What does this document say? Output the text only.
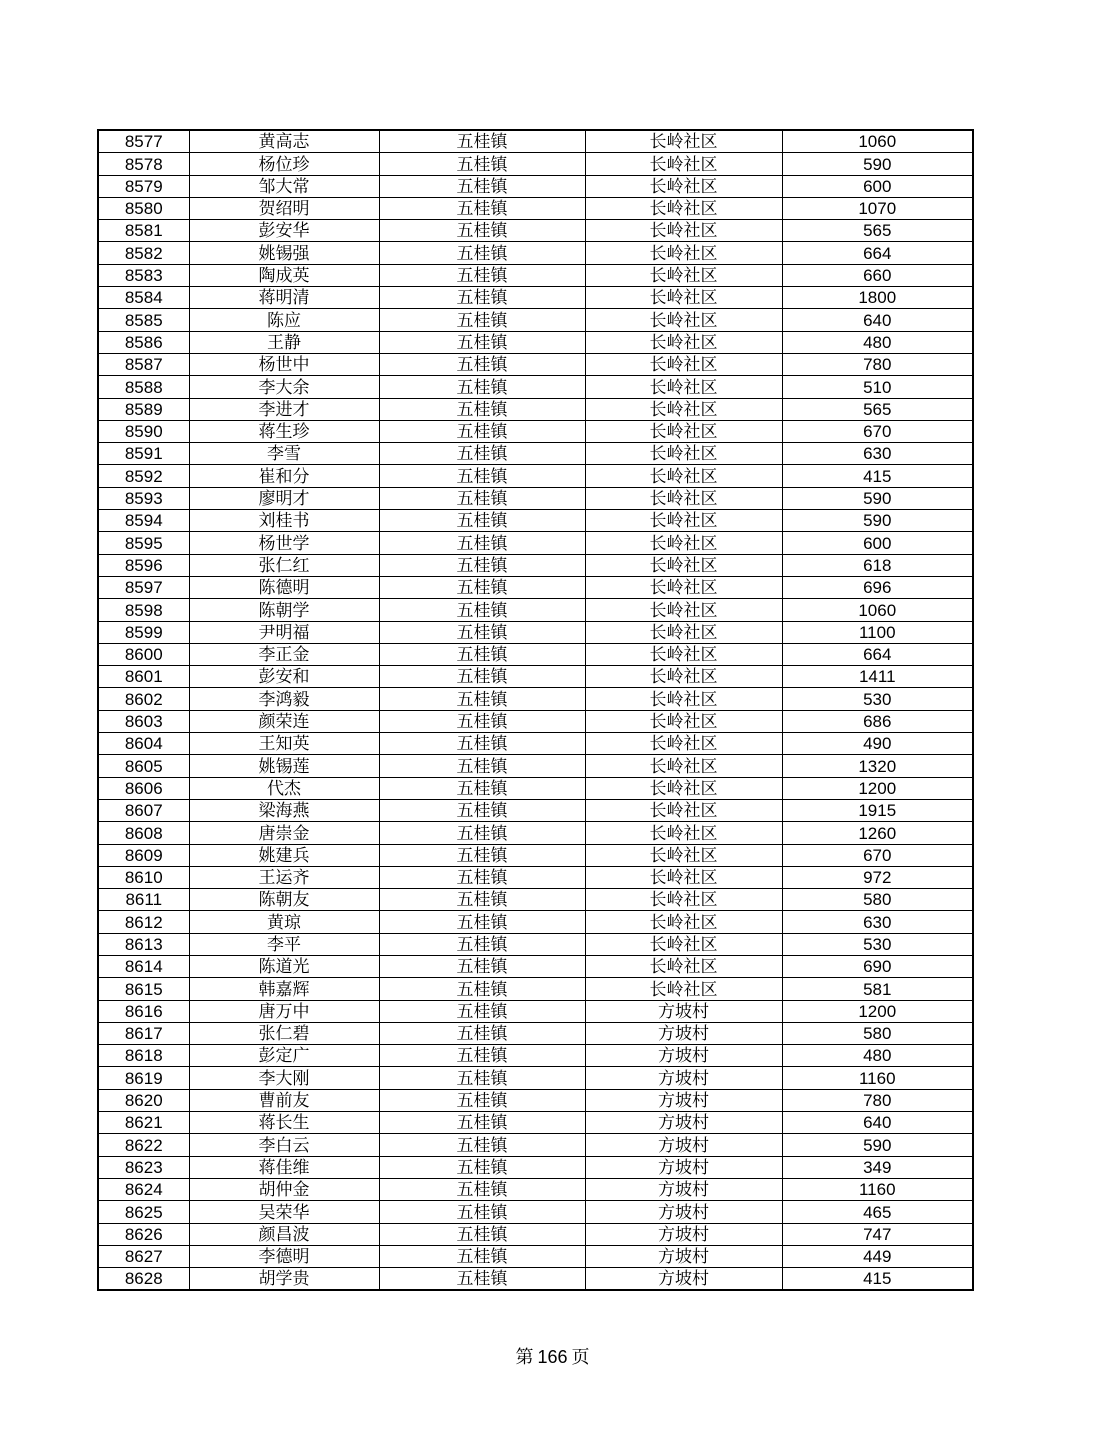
8577	黄高志	五桂镇	长岭社区	1060
8578	杨位珍	五桂镇	长岭社区	590
8579	邹大常	五桂镇	长岭社区	600
8580	贺绍明	五桂镇	长岭社区	1070
8581	彭安华	五桂镇	长岭社区	565
8582	姚锡强	五桂镇	长岭社区	664
8583	陶成英	五桂镇	长岭社区	660
8584	蒋明清	五桂镇	长岭社区	1800
8585	陈应	五桂镇	长岭社区	640
8586	王静	五桂镇	长岭社区	480
8587	杨世中	五桂镇	长岭社区	780
8588	李大余	五桂镇	长岭社区	510
8589	李进才	五桂镇	长岭社区	565
8590	蒋生珍	五桂镇	长岭社区	670
8591	李雪	五桂镇	长岭社区	630
8592	崔和分	五桂镇	长岭社区	415
8593	廖明才	五桂镇	长岭社区	590
8594	刘桂书	五桂镇	长岭社区	590
8595	杨世学	五桂镇	长岭社区	600
8596	张仁红	五桂镇	长岭社区	618
8597	陈德明	五桂镇	长岭社区	696
8598	陈朝学	五桂镇	长岭社区	1060
8599	尹明福	五桂镇	长岭社区	1100
8600	李正金	五桂镇	长岭社区	664
8601	彭安和	五桂镇	长岭社区	1411
8602	李鸿毅	五桂镇	长岭社区	530
8603	颜荣连	五桂镇	长岭社区	686
8604	王知英	五桂镇	长岭社区	490
8605	姚锡莲	五桂镇	长岭社区	1320
8606	代杰	五桂镇	长岭社区	1200
8607	梁海燕	五桂镇	长岭社区	1915
8608	唐崇金	五桂镇	长岭社区	1260
8609	姚建兵	五桂镇	长岭社区	670
8610	王运齐	五桂镇	长岭社区	972
8611	陈朝友	五桂镇	长岭社区	580
8612	黄琼	五桂镇	长岭社区	630
8613	李平	五桂镇	长岭社区	530
8614	陈道光	五桂镇	长岭社区	690
8615	韩嘉辉	五桂镇	长岭社区	581
8616	唐万中	五桂镇	方坡村	1200
8617	张仁碧	五桂镇	方坡村	580
8618	彭定广	五桂镇	方坡村	480
8619	李大刚	五桂镇	方坡村	1160
8620	曹前友	五桂镇	方坡村	780
8621	蒋长生	五桂镇	方坡村	640
8622	李白云	五桂镇	方坡村	590
8623	蒋佳维	五桂镇	方坡村	349
8624	胡仲金	五桂镇	方坡村	1160
8625	吴荣华	五桂镇	方坡村	465
8626	颜昌波	五桂镇	方坡村	747
8627	李德明	五桂镇	方坡村	449
8628	胡学贵	五桂镇	方坡村	415
第 166 页
